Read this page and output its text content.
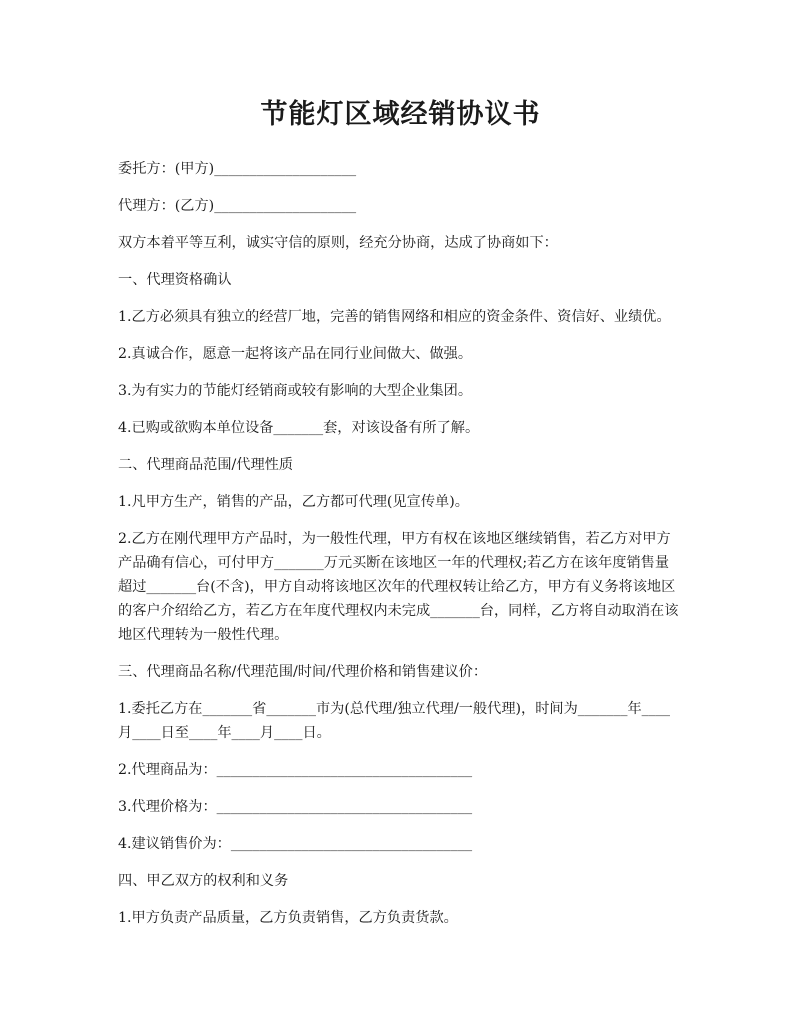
节能灯区域经销协议书

委托方：(甲方)____________________

代理方：(乙方)____________________

双方本着平等互利，诚实守信的原则，经充分协商，达成了协商如下：

一、代理资格确认

1.乙方必须具有独立的经营厂地，完善的销售网络和相应的资金条件、资信好、业绩优。

2.真诚合作，愿意一起将该产品在同行业间做大、做强。

3.为有实力的节能灯经销商或较有影响的大型企业集团。

4.已购或欲购本单位设备_______套，对该设备有所了解。

二、代理商品范围/代理性质

1.凡甲方生产，销售的产品，乙方都可代理(见宣传单)。

2.乙方在刚代理甲方产品时，为一般性代理，甲方有权在该地区继续销售，若乙方对甲方产品确有信心，可付甲方_______万元买断在该地区一年的代理权;若乙方在该年度销售量超过_______台(不含)，甲方自动将该地区次年的代理权转让给乙方，甲方有义务将该地区的客户介绍给乙方，若乙方在年度代理权内未完成_______台，同样，乙方将自动取消在该地区代理转为一般性代理。

三、代理商品名称/代理范围/时间/代理价格和销售建议价：

1.委托乙方在_______省_______市为(总代理/独立代理/一般代理)，时间为_______年____月____日至____年____月____日。

2.代理商品为：____________________________________

3.代理价格为：____________________________________

4.建议销售价为：__________________________________

四、甲乙双方的权利和义务

1.甲方负责产品质量，乙方负责销售，乙方负责货款。
